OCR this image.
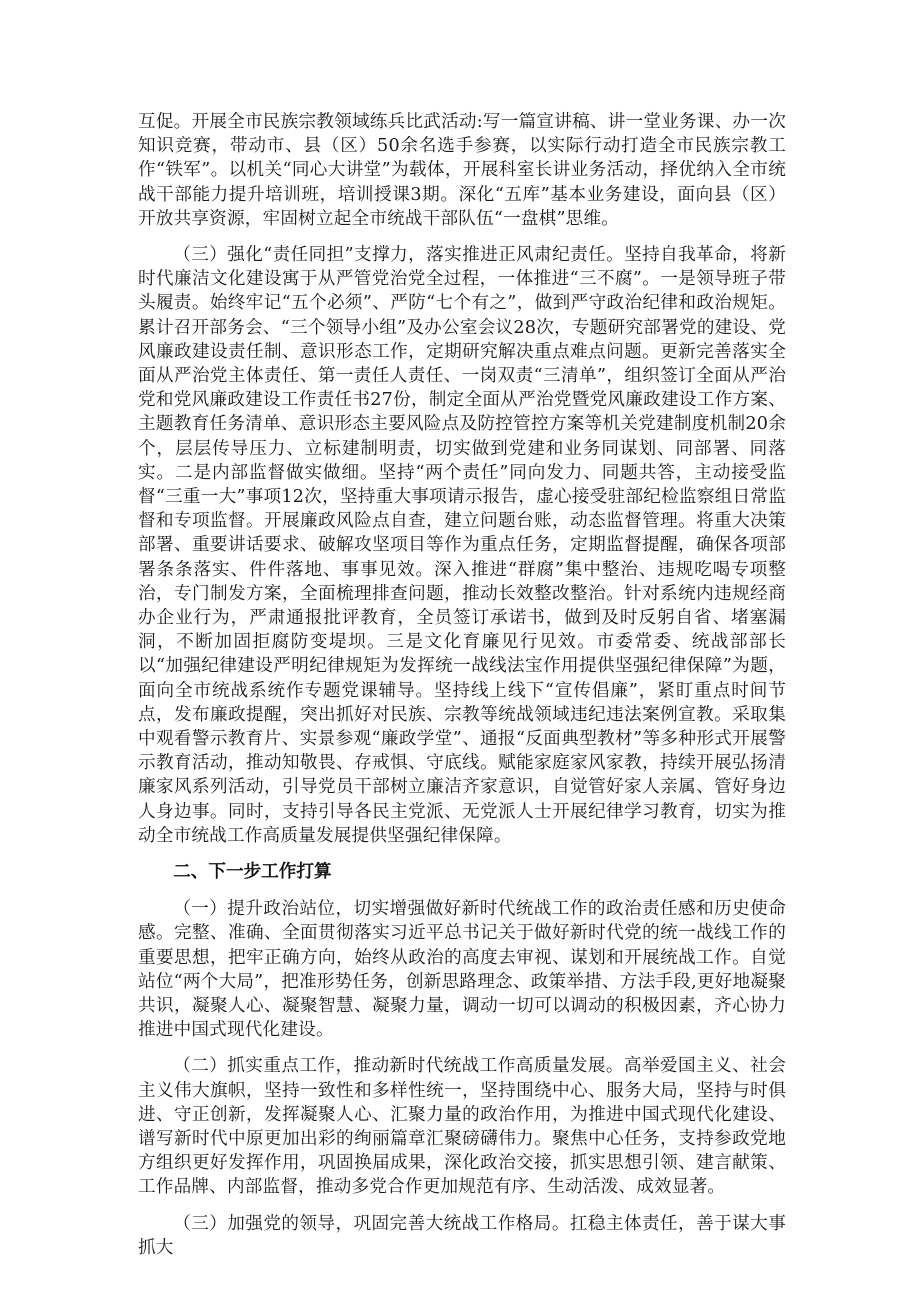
互促。开展全市民族宗教领域练兵比武活动:写一篇宣讲稿、讲一堂业务课、办一次知识竞赛，带动市、县（区）50余名选手参赛，以实际行动打造全市民族宗教工作“铁军”。以机关“同心大讲堂”为载体，开展科室长讲业务活动，择优纳入全市统战干部能力提升培训班，培训授课3期。深化“五库”基本业务建设，面向县（区）开放共享资源，牢固树立起全市统战干部队伍“一盘棋”思维。

（三）强化“责任同担”支撑力，落实推进正风肃纪责任。坚持自我革命，将新时代廉洁文化建设寓于从严管党治党全过程，一体推进“三不腐”。一是领导班子带头履责。始终牢记“五个必须”、严防“七个有之”，做到严守政治纪律和政治规矩。累计召开部务会、“三个领导小组”及办公室会议28次，专题研究部署党的建设、党风廉政建设责任制、意识形态工作，定期研究解决重点难点问题。更新完善落实全面从严治党主体责任、第一责任人责任、一岗双责“三清单”，组织签订全面从严治党和党风廉政建设工作责任书27份，制定全面从严治党暨党风廉政建设工作方案、主题教育任务清单、意识形态主要风险点及防控管控方案等机关党建制度机制20余个，层层传导压力、立标建制明责，切实做到党建和业务同谋划、同部署、同落实。二是内部监督做实做细。坚持“两个责任”同向发力、同题共答，主动接受监督“三重一大”事项12次，坚持重大事项请示报告，虚心接受驻部纪检监察组日常监督和专项监督。开展廉政风险点自查，建立问题台账，动态监督管理。将重大决策部署、重要讲话要求、破解攻坚项目等作为重点任务，定期监督提醒，确保各项部署条条落实、件件落地、事事见效。深入推进“群腐”集中整治、违规吃喝专项整治，专门制发方案，全面梳理排查问题，推动长效整改整治。针对系统内违规经商办企业行为，严肃通报批评教育，全员签订承诺书，做到及时反躬自省、堵塞漏洞，不断加固拒腐防变堤坝。三是文化育廉见行见效。市委常委、统战部部长以“加强纪律建设严明纪律规矩为发挥统一战线法宝作用提供坚强纪律保障”为题，面向全市统战系统作专题党课辅导。坚持线上线下“宣传倡廉”，紧盯重点时间节点，发布廉政提醒，突出抓好对民族、宗教等统战领域违纪违法案例宣教。采取集中观看警示教育片、实景参观“廉政学堂”、通报“反面典型教材”等多种形式开展警示教育活动，推动知敬畏、存戒惧、守底线。赋能家庭家风家教，持续开展弘扬清廉家风系列活动，引导党员干部树立廉洁齐家意识，自觉管好家人亲属、管好身边人身边事。同时，支持引导各民主党派、无党派人士开展纪律学习教育，切实为推动全市统战工作高质量发展提供坚强纪律保障。

二、下一步工作打算

（一）提升政治站位，切实增强做好新时代统战工作的政治责任感和历史使命感。完整、准确、全面贯彻落实习近平总书记关于做好新时代党的统一战线工作的重要思想，把牢正确方向，始终从政治的高度去审视、谋划和开展统战工作。自觉站位“两个大局”，把准形势任务，创新思路理念、政策举措、方法手段,更好地凝聚共识，凝聚人心、凝聚智慧、凝聚力量，调动一切可以调动的积极因素，齐心协力推进中国式现代化建设。

（二）抓实重点工作，推动新时代统战工作高质量发展。高举爱国主义、社会主义伟大旗帜，坚持一致性和多样性统一，坚持围绕中心、服务大局，坚持与时俱进、守正创新，发挥凝聚人心、汇聚力量的政治作用，为推进中国式现代化建设、谱写新时代中原更加出彩的绚丽篇章汇聚磅礴伟力。聚焦中心任务，支持参政党地方组织更好发挥作用，巩固换届成果，深化政治交接，抓实思想引领、建言献策、工作品牌、内部监督，推动多党合作更加规范有序、生动活泼、成效显著。

（三）加强党的领导，巩固完善大统战工作格局。扛稳主体责任，善于谋大事抓大
